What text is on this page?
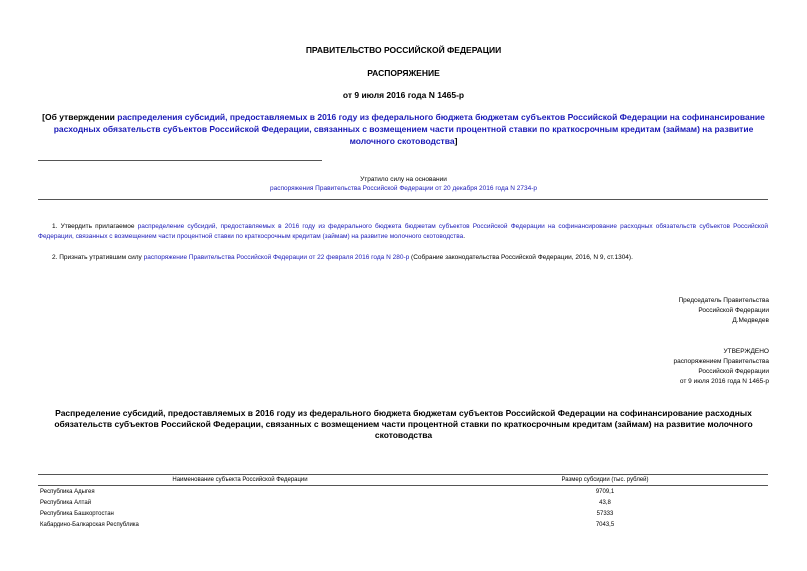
ПРАВИТЕЛЬСТВО РОССИЙСКОЙ ФЕДЕРАЦИИ
РАСПОРЯЖЕНИЕ
от 9 июля 2016 года N 1465-р
[Об утверждении распределения субсидий, предоставляемых в 2016 году из федерального бюджета бюджетам субъектов Российской Федерации на софинансирование расходных обязательств субъектов Российской Федерации, связанных с возмещением части процентной ставки по краткосрочным кредитам (займам) на развитие молочного скотоводства]
Утратило силу на основании
распоряжения Правительства Российской Федерации от 20 декабря 2016 года N 2734-р
1. Утвердить прилагаемое распределение субсидий, предоставляемых в 2016 году из федерального бюджета бюджетам субъектов Российской Федерации на софинансирование расходных обязательств субъектов Российской Федерации, связанных с возмещением части процентной ставки по краткосрочным кредитам (займам) на развитие молочного скотоводства.
2. Признать утратившим силу распоряжение Правительства Российской Федерации от 22 февраля 2016 года N 280-р (Собрание законодательства Российской Федерации, 2016, N 9, ст.1304).
Председатель Правительства
Российской Федерации
Д.Медведев
УТВЕРЖДЕНО
распоряжением Правительства
Российской Федерации
от 9 июля 2016 года N 1465-р
Распределение субсидий, предоставляемых в 2016 году из федерального бюджета бюджетам субъектов Российской Федерации на софинансирование расходных обязательств субъектов Российской Федерации, связанных с возмещением части процентной ставки по краткосрочным кредитам (займам) на развитие молочного скотоводства
Наименование субъекта Российской Федерации	Размер субсидии (тыс. рублей)
Республика Адыгея	9709,1
Республика Алтай	43,8
Республика Башкортостан	57333
Кабардино-Балкарская Республика	7043,5
